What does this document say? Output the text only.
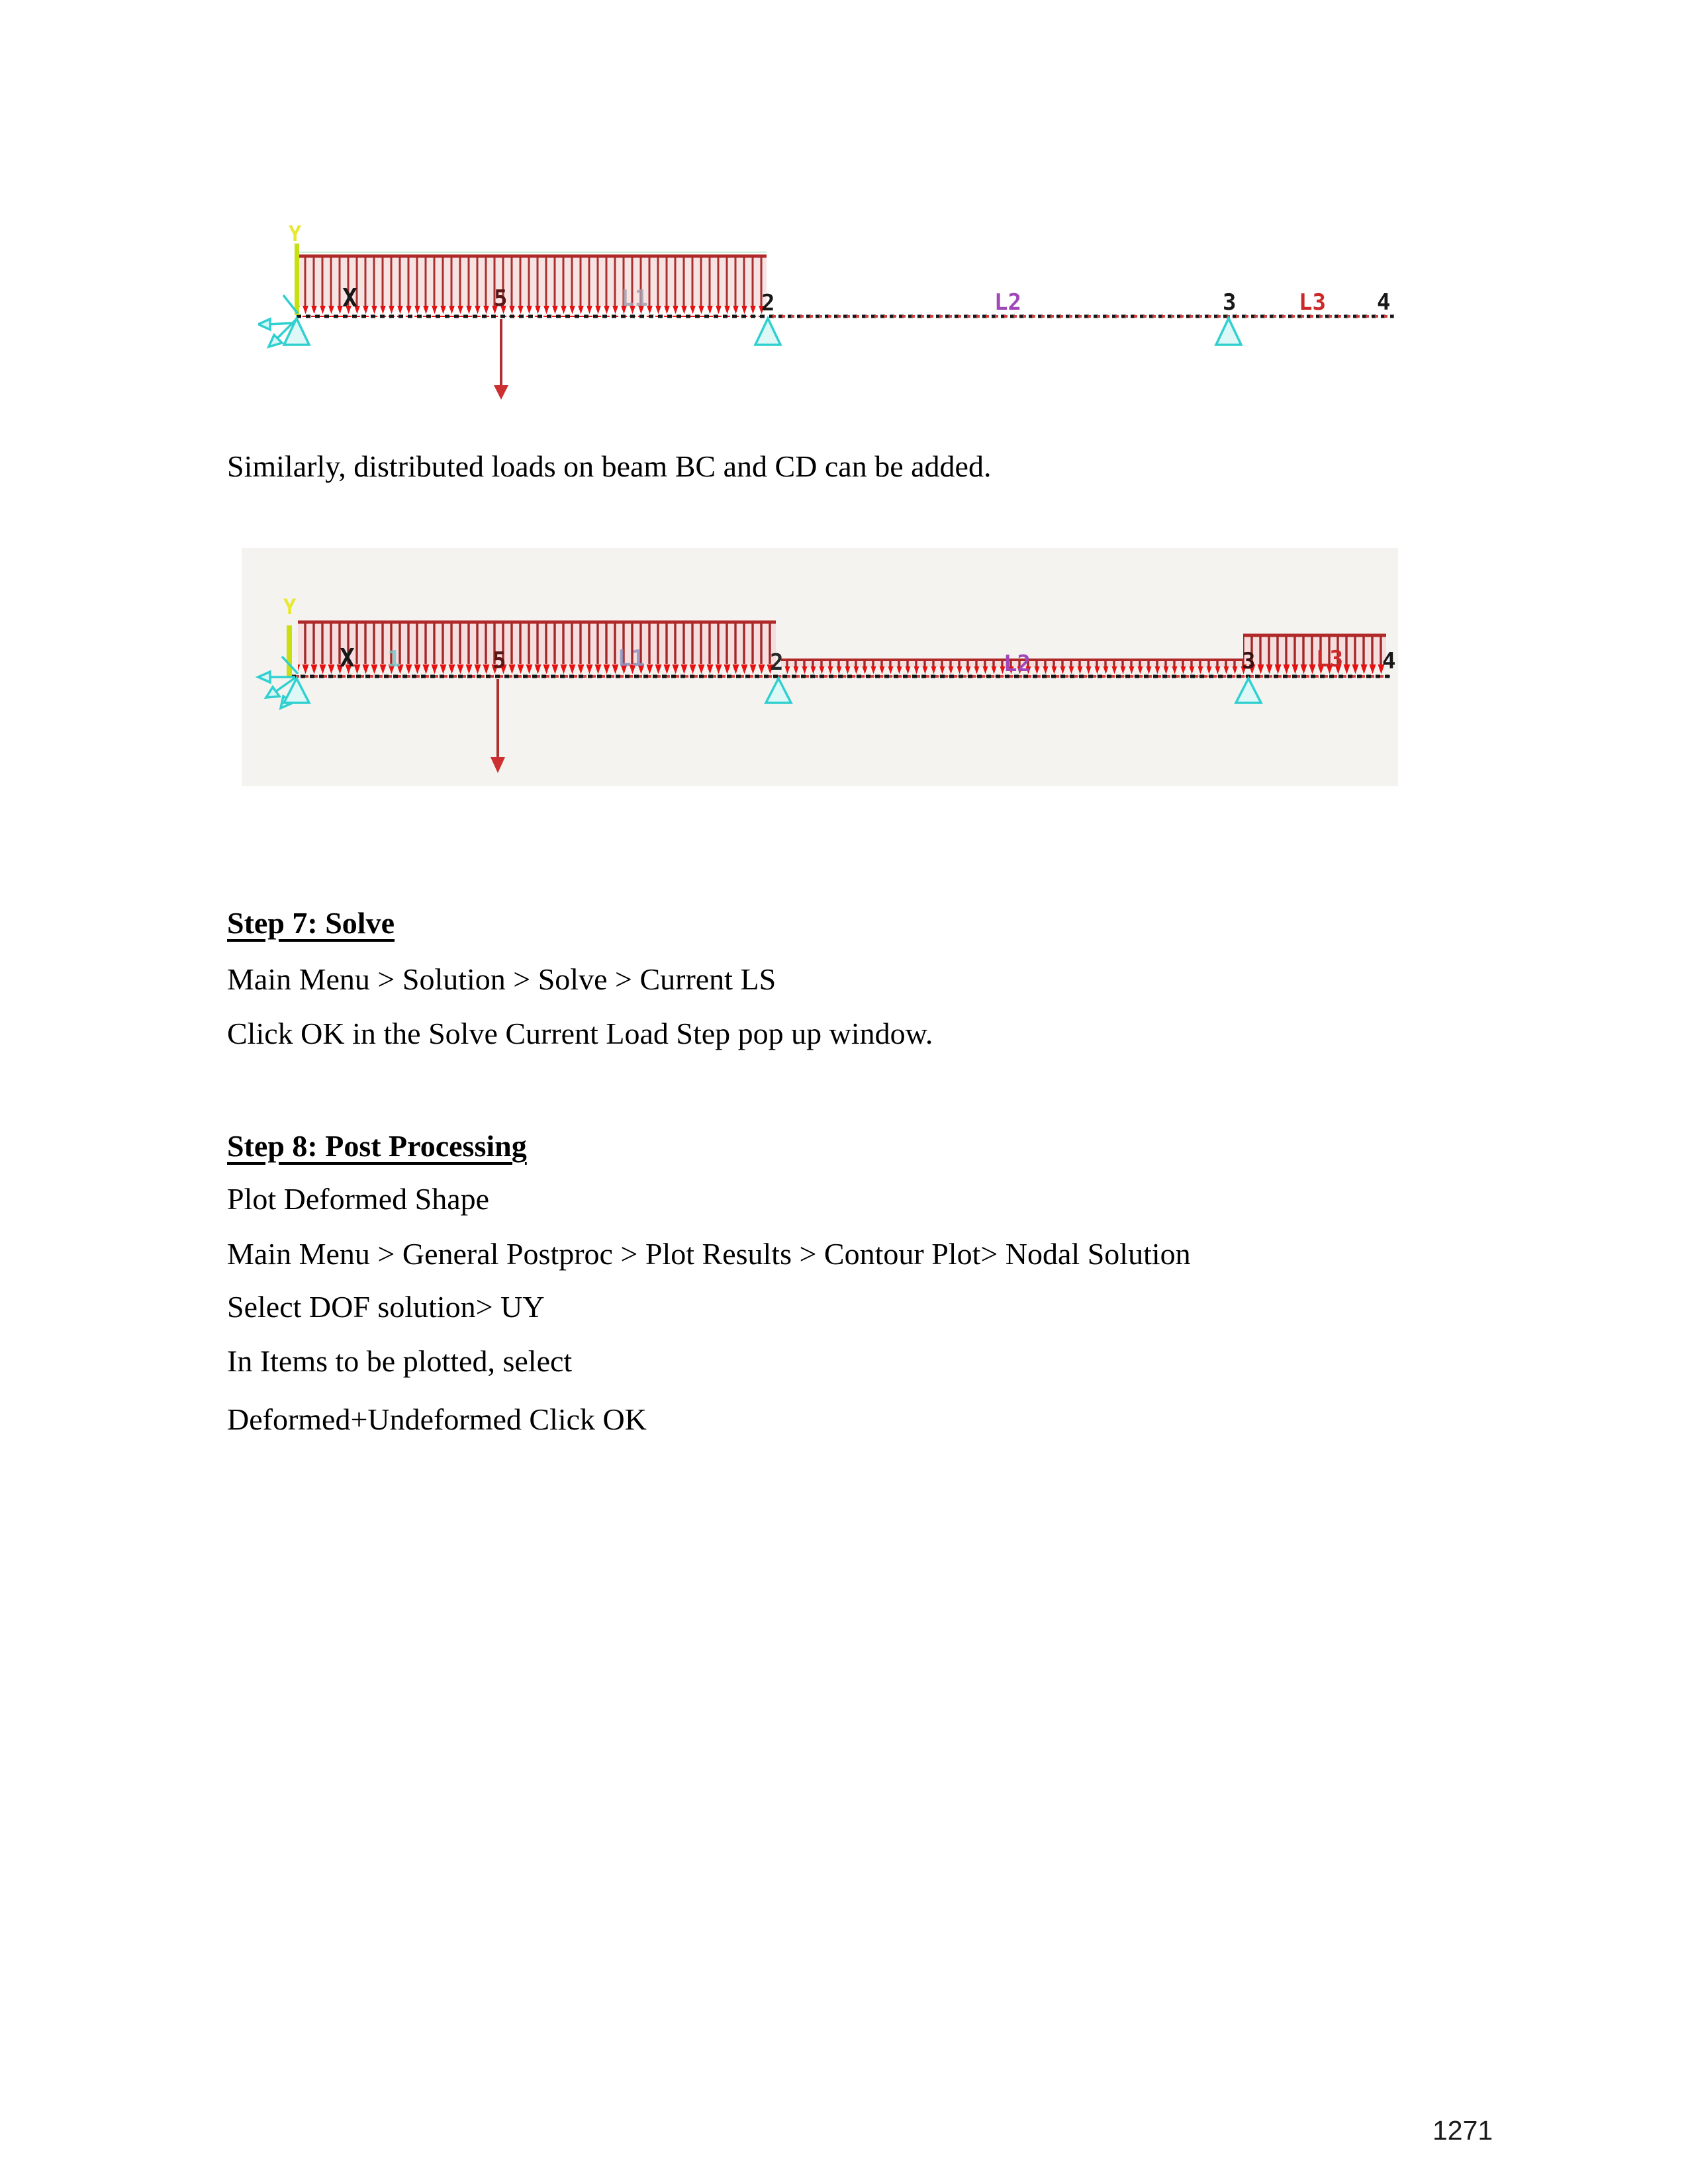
Y
X	5	L1	2	L2	3	L3 4
Similarly, distributed loads on beam BC and CD can be added.
Y
X 1	5	L1	2	L2	3	L3 4
Step 7: Solve
Main Menu > Solution > Solve > Current LS
Click OK in the Solve Current Load Step pop up window.
Step 8: Post Processing
Plot Deformed Shape
Main Menu > General Postproc > Plot Results > Contour Plot> Nodal Solution
Select DOF solution> UY
In Items to be plotted, select
Deformed+Undeformed Click OK
1271
